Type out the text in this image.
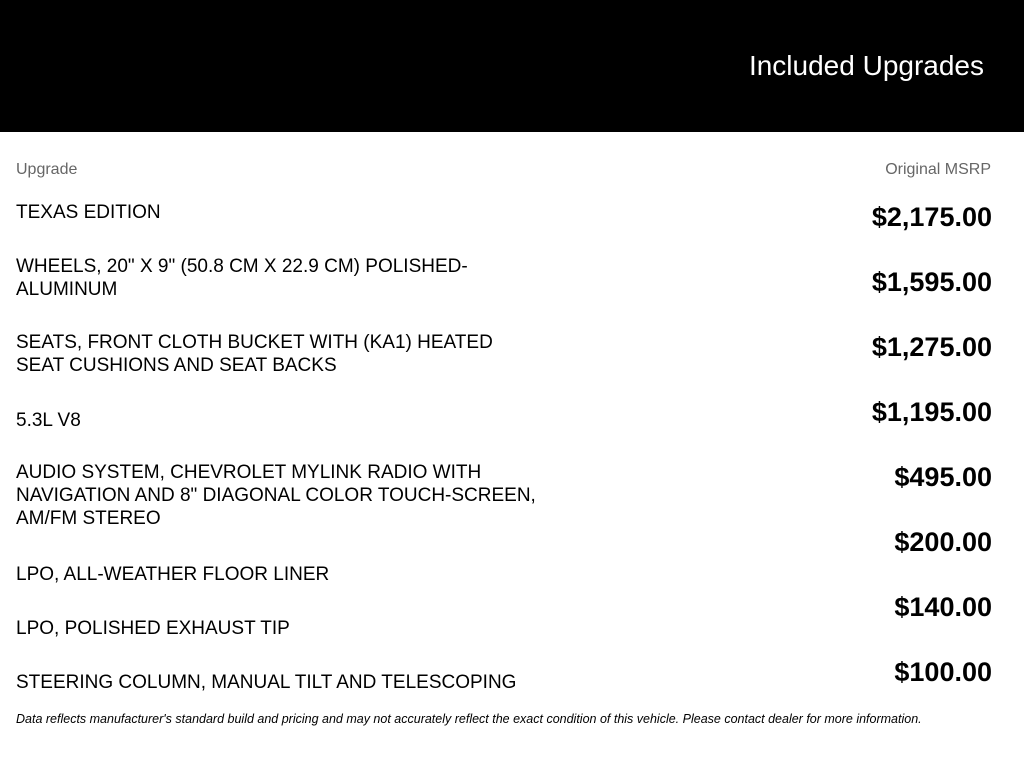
Included Upgrades
Upgrade	Original MSRP
TEXAS EDITION
WHEELS, 20" X 9" (50.8 CM X 22.9 CM) POLISHED-ALUMINUM
SEATS, FRONT CLOTH BUCKET WITH (KA1) HEATED SEAT CUSHIONS AND SEAT BACKS
5.3L V8
AUDIO SYSTEM, CHEVROLET MYLINK RADIO WITH NAVIGATION AND 8" DIAGONAL COLOR TOUCH-SCREEN, AM/FM STEREO
LPO, ALL-WEATHER FLOOR LINER
LPO, POLISHED EXHAUST TIP
STEERING COLUMN, MANUAL TILT AND TELESCOPING
$2,175.00
$1,595.00
$1,275.00
$1,195.00
$495.00
$200.00
$140.00
$100.00
Data reflects manufacturer's standard build and pricing and may not accurately reflect the exact condition of this vehicle. Please contact dealer for more information.
